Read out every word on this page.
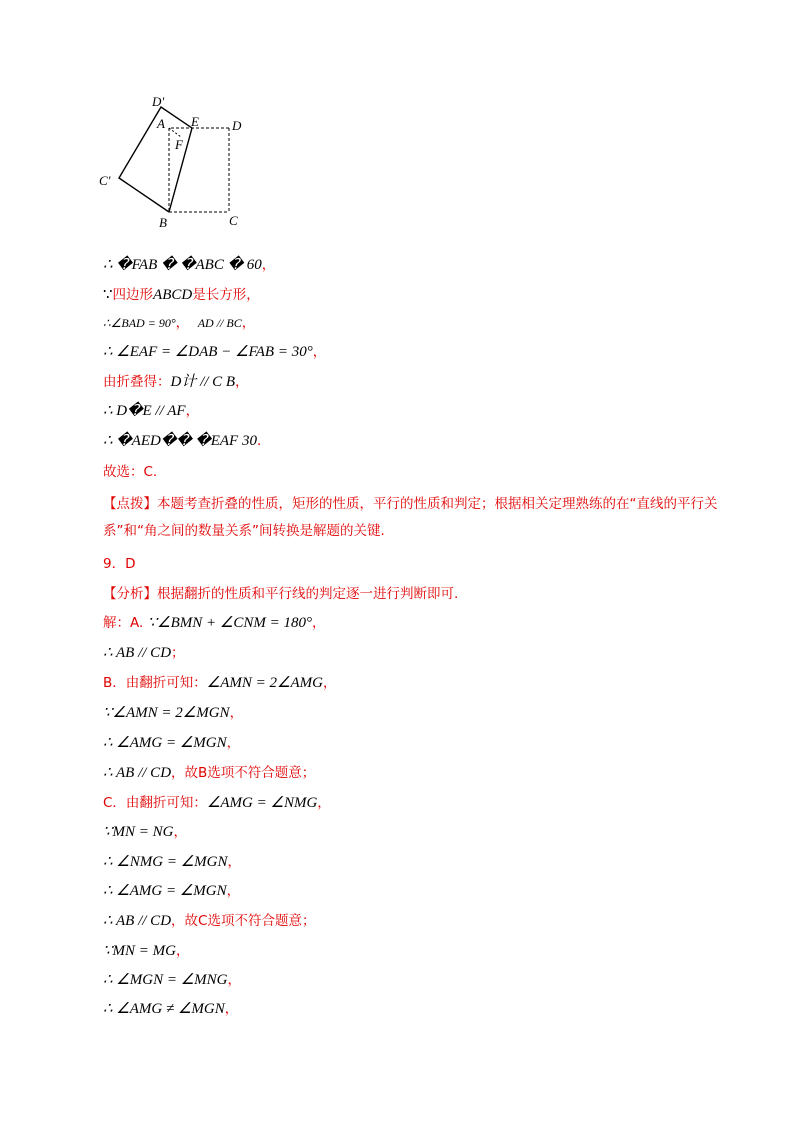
D'
A E	D
F
C'
B	C
∴ �FAB � �ABC � 60，
∵四边形ABCD是长方形，
∴∠BAD = 90°， AD // BC，
∴ ∠EAF = ∠DAB − ∠FAB = 30°，
由折叠得：D计 // C B，
∴ D�E // AF，
∴ �AED�� �EAF 30．
故选：C.
【点拨】本题考查折叠的性质，矩形的性质，平行的性质和判定；根据相关定理熟练的在“直线的平行关系”和“角之间的数量关系”间转换是解题的关键.
9．D
【分析】根据翻折的性质和平行线的判定逐一进行判断即可.
解：A. ∵∠BMN + ∠CNM = 180°，
∴ AB // CD；
B．由翻折可知：∠AMN = 2∠AMG，
∵∠AMN = 2∠MGN，
∴ ∠AMG = ∠MGN，
∴ AB // CD，故B选项不符合题意；
C．由翻折可知：∠AMG = ∠NMG，
∵MN = NG，
∴ ∠NMG = ∠MGN，
∴ ∠AMG = ∠MGN，
∴ AB // CD，故C选项不符合题意；
∵MN = MG，
∴ ∠MGN = ∠MNG，
∴ ∠AMG ≠ ∠MGN，
